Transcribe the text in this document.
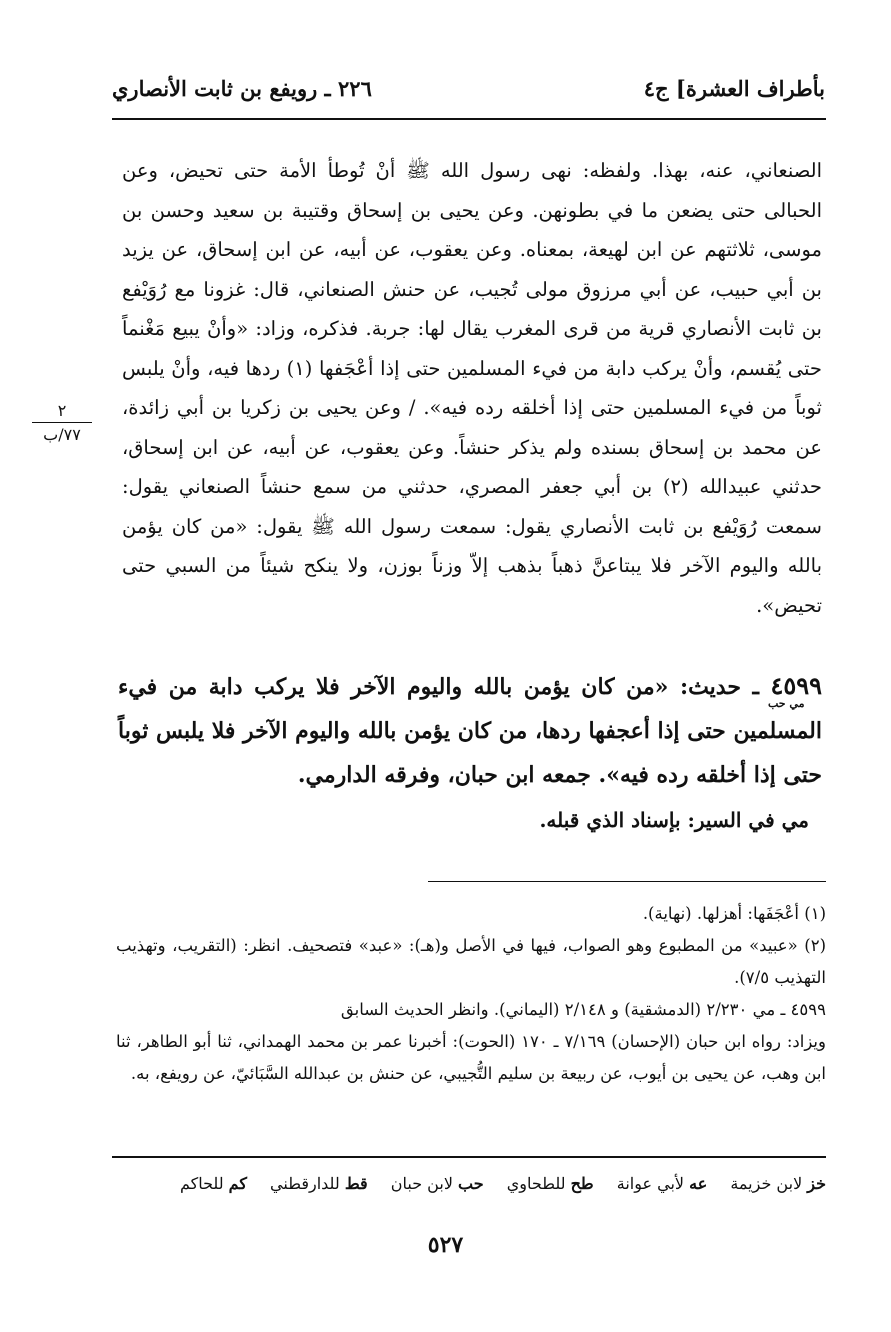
بأطراف العشرة] ج٤
٢٢٦ ـ رويفع بن ثابت الأنصاري
٢
٧٧/ب

الصنعاني، عنه، بهذا. ولفظه: نهى رسول الله ﷺ أنْ تُوطأ الأمة حتى تحيض، وعن الحبالى حتى يضعن ما في بطونهن. وعن يحيى بن إسحاق وقتيبة بن سعيد وحسن بن موسى، ثلاثتهم عن ابن لهيعة، بمعناه. وعن يعقوب، عن أبيه، عن ابن إسحاق، عن يزيد بن أبي حبيب، عن أبي مرزوق مولى تُجيب، عن حنش الصنعاني، قال: غزونا مع رُوَيْفع بن ثابت الأنصاري قرية من قرى المغرب يقال لها: جربة. فذكره، وزاد: «وأنْ يبيع مَغْنماً حتى يُقسم، وأنْ يركب دابة من فيء المسلمين حتى إذا أعْجَفها (١) ردها فيه، وأنْ يلبس ثوباً من فيء المسلمين حتى إذا أخلقه رده فيه». / وعن يحيى بن زكريا بن أبي زائدة، عن محمد بن إسحاق بسنده ولم يذكر حنشاً. وعن يعقوب، عن أبيه، عن ابن إسحاق، حدثني عبيدالله (٢) بن أبي جعفر المصري، حدثني من سمع حنشاً الصنعاني يقول: سمعت رُوَيْفع بن ثابت الأنصاري يقول: سمعت رسول الله ﷺ يقول: «من كان يؤمن بالله واليوم الآخر فلا يبتاعنَّ ذهباً بذهب إلاّ وزناً بوزن، ولا ينكح شيئاً من السبي حتى تحيض».

٤٥٩٩ ـ حديث: «من كان يؤمن بالله واليوم الآخر فلا يركب دابة من فيء المسلمين حتى إذا أعجفها ردها، من كان يؤمن بالله واليوم الآخر فلا يلبس ثوباً حتى إذا أخلقه رده فيه». جمعه ابن حبان، وفرقه الدارمي.

مي حب
مي في السير: بإسناد الذي قبله.

(١) أعْجَفَها: أهزلها. (نهاية).

(٢) «عبيد» من المطبوع وهو الصواب، فيها في الأصل و(هـ): «عبد» فتصحيف. انظر: (التقريب، وتهذيب التهذيب ٧/٥).

٤٥٩٩ ـ مي ٢/٢٣٠ (الدمشقية) و ٢/١٤٨ (اليماني). وانظر الحديث السابق

ويزاد: رواه ابن حبان (الإحسان) ٧/١٦٩ ـ ١٧٠ (الحوت): أخبرنا عمر بن محمد الهمداني، ثنا أبو الطاهر، ثنا ابن وهب، عن يحيى بن أيوب، عن ربيعة بن سليم التُّجيبي، عن حنش بن عبدالله السَّبَائيّ، عن رويفع، به.

خز لابن خزيمة عه لأبي عوانة طح للطحاوي حب لابن حبان قط للدارقطني كم للحاكم
٥٢٧
